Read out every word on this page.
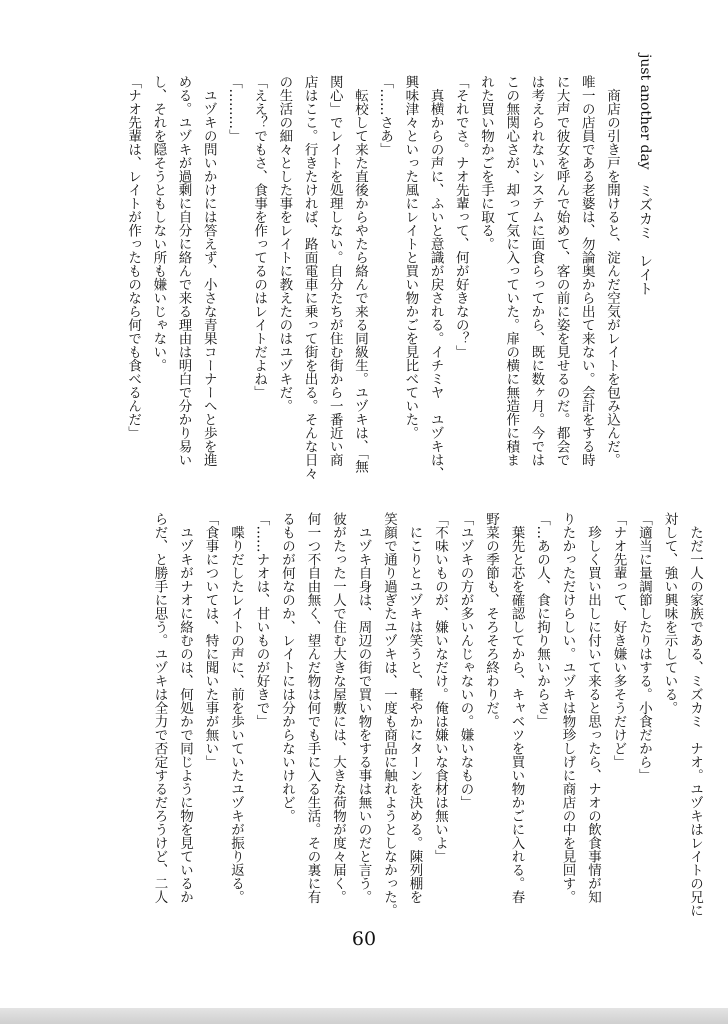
just another day　ミズカミ　レイト
　商店の引き戸を開けると、淀んだ空気がレイトを包み込んだ。
唯一の店員である老婆は、勿論奥から出て来ない。会計をする時
に大声で彼女を呼んで始めて、客の前に姿を見せるのだ。都会で
は考えられないシステムに面食らってから、既に数ヶ月。今では
この無関心さが、却って気に入っていた。扉の横に無造作に積ま
れた買い物かごを手に取る。
「それでさ。ナオ先輩って、何が好きなの？」
　真横からの声に、ふいと意識が戻される。イチミヤ　ユヅキは、
興味津々といった風にレイトと買い物かごを見比べていた。
「……さあ」
　転校して来た直後からやたら絡んで来る同級生。ユヅキは、「無
関心」でレイトを処理しない。自分たちが住む街から一番近い商
店はここ。行きたければ、路面電車に乗って街を出る。そんな日々
の生活の細々とした事をレイトに教えたのはユヅキだ。
「ええ？でもさ、食事を作ってるのはレイトだよね」
「………」
　ユヅキの問いかけには答えず、小さな青果コーナーへと歩を進
める。ユヅキが過剰に自分に絡んで来る理由は明白で分かり易い
し、それを隠そうともしない所も嫌いじゃない。
「ナオ先輩は、レイトが作ったものなら何でも食べるんだ」
　ただ一人の家族である、ミズカミ　ナオ。ユヅキはレイトの兄に
対して、強い興味を示している。
「適当に量調節したりはする。小食だから」
「ナオ先輩って、好き嫌い多そうだけど」
　珍しく買い出しに付いて来ると思ったら、ナオの飲食事情が知
りたかっただけらしい。ユヅキは物珍しげに商店の中を見回す。
「…あの人、食に拘り無いからさ」
　葉先と芯を確認してから、キャベツを買い物かごに入れる。春
野菜の季節も、そろそろ終わりだ。
「ユヅキの方が多いんじゃないの。嫌いなもの」
「不味いものが、嫌いなだけ。俺は嫌いな食材は無いよ」
　にこりとユヅキは笑うと、軽やかにターンを決める。陳列棚を
笑顔で通り過ぎたユヅキは、一度も商品に触れようとしなかった。
　ユヅキ自身は、周辺の街で買い物をする事は無いのだと言う。
彼がたった一人で住む大きな屋敷には、大きな荷物が度々届く。
何一つ不自由無く、望んだ物は何でも手に入る生活。その裏に有
るものが何なのか、レイトには分からないけれど。
「……ナオは、甘いものが好きで」
　喋りだしたレイトの声に、前を歩いていたユヅキが振り返る。
「食事については、特に聞いた事が無い」
　ユヅキがナオに絡むのは、何処かで同じように物を見ているか
らだ、と勝手に思う。ユヅキは全力で否定するだろうけど、二人
60
